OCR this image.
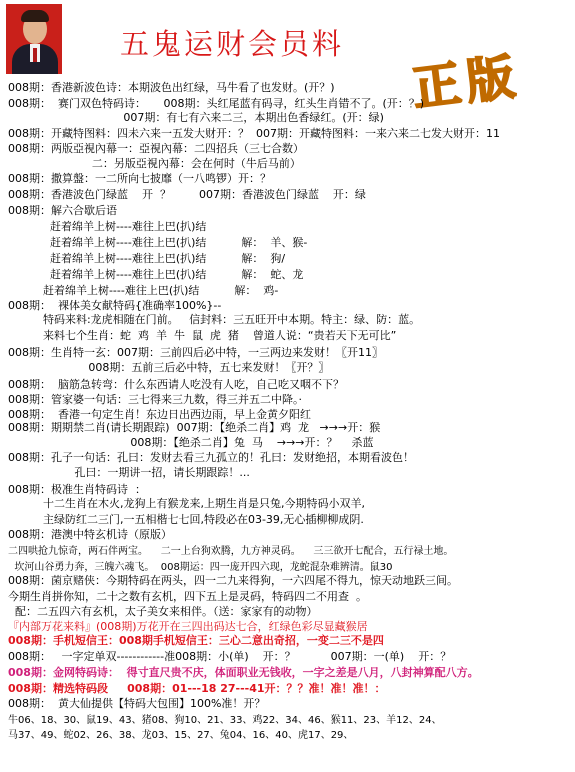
五鬼运财会员料
正版
008期：香港新波色诗：本期波色出红绿，马牛看了也发财。(开？)
008期：  赛门双色特码诗：     008期：头红尾蓝有码寻，红头生肖错不了。(开：？)
007期：有七有六来二三，本期出色香绿红。(开：绿)
008期：开藏特图料：四未六来一五发大财开：？  007期：开藏特图料：一来六来二七发大财开：11
008期：两版亞視內幕一：亞視內幕：二四招兵（三七合数）
二：另版亞視內幕：会在何时（牛后马前）
008期：撒算盤：一二所向七披靡（一八鸣锣）开：？
008期：香港波色门绿蓝    开  ？        007期：香港波色门绿蓝    开：绿
008期：解六合歇后语
赶着绵羊上树----难往上巴(扒)结
赶着绵羊上树----难往上巴(扒)结          解：  羊、猴-
赶着绵羊上树----难往上巴(扒)结          解：  狗/
赶着绵羊上树----难往上巴(扒)结          解：  蛇、龙
赶着绵羊上树----难往上巴(扒)结          解：  鸡-
008期：  裸体美女献特码{准确率100%}--
特码来料:龙虎相随在门前。   信封料：三五旺开中本期。特主：绿、防：蓝。
来料七个生肖：蛇  鸡  羊  牛  鼠  虎  猪    曾道人说：“贵若天下无可比”
008期：生肖特一玄：007期：三前四后必中特，一三两边来发财！〖开11〗
008期：五前三后必中特，五七来发财！〖开？〗
008期：  脑筋急转弯：什么东西请人吃没有人吃，自己吃又咽不下？
008期：管家婆一句话：三七得来三九数，得三并五二中降。·
008期：  香港一句定生肖！东边日出西边雨，早上金黄夕阳红
008期：期期禁二肖(请长期跟踪)  007期：【绝杀二肖】鸡  龙   →→→开：猴
008期：【绝杀二肖】兔  马    →→→开：？    杀蓝
008期：孔子一句话：孔曰：发财去看三九孤立的！孔曰：发财绝招，本期看波色！
孔曰：一期讲一招，请长期跟踪！...
008期：极准生肖特码诗  ：
十二生肖在木火,龙狗上有猴龙来,上期生肖是只兔,今期特码小双羊,
主绿防红二三门,一五相楷七七回,特段必在03-39,无心插柳柳成阴.
008期：港澳中特玄机诗（原版）
二四哄抢九惊奇，两石伴两宝。    二一上台狗欢腾，九方神灵码。    三三欲开七配合，五行禄土地。
坎河山谷勇力奔，三魄六魂飞。  008期运：四一庞开四六现，龙蛇混杂难辨清。鼠30
008期：菌京赌侠：今期特码在两头，四一二九来得狗，一六四尾不得九，惊天动地跃三间。
今期生肖拼你知，二十之数有玄机，四下五上是灵码，特码四二不用查  。
配：二五四六有玄机，太子美女来相伴。（送：家家有的动物）
『内部万花来料』(008期)万花开在三四出码达七合，红绿色彩尽显藏猴居
008期：手机短信王：008期手机短信王：三心二意出奇招，一变二三不是四
008期：   一字定单双------------准008期：小(单)    开：？          007期：一(单)    开：？
008期：金网特码诗：  得寸直尺贵不庆，体面职业无钱收，一字之差是八月，八封神算配八方。
008期：精选特码段     008期：01---18 27---41开：？？准！准！准！：
008期：  黄大仙提供【特码大包围】100%准！开？
牛06、18、30、鼠19、43、猪08、狗10、21、33、鸡22、34、46、猴11、23、羊12、24、
马37、49、蛇02、26、38、龙03、15、27、兔04、16、40、虎17、29、
